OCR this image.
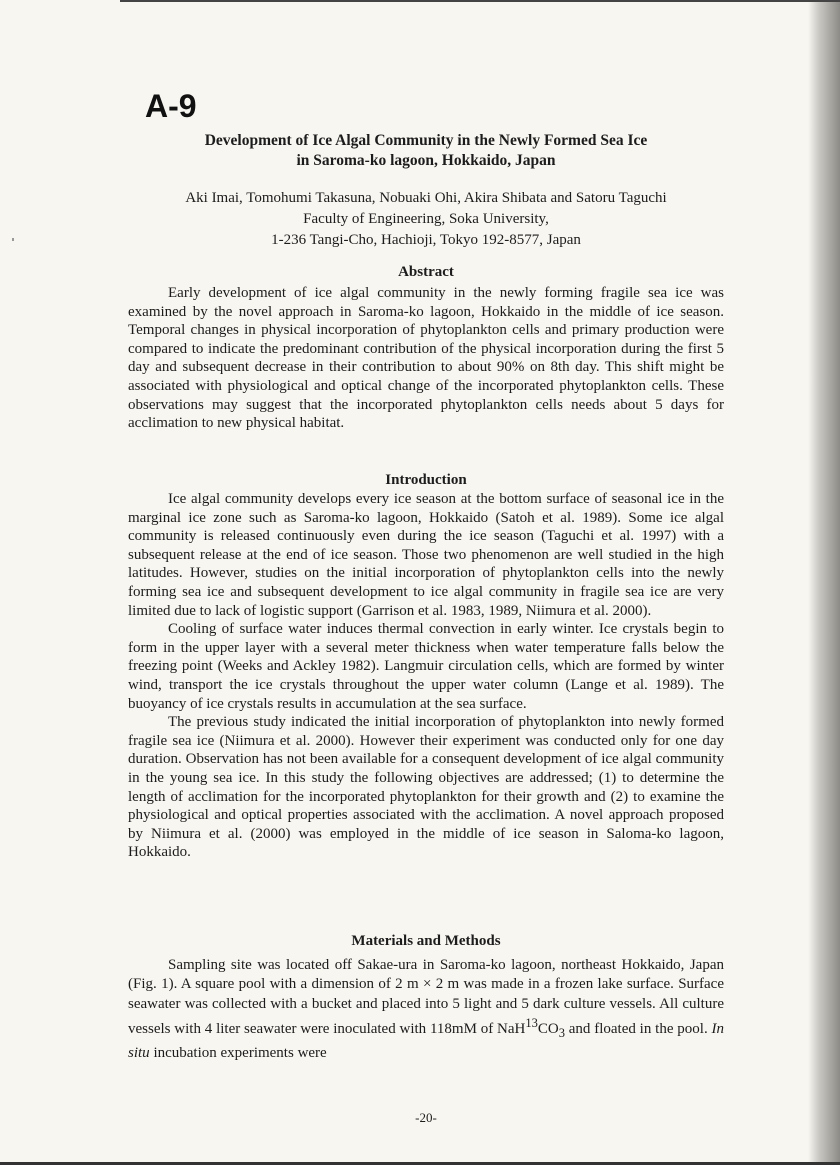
A-9
Development of Ice Algal Community in the Newly Formed Sea Ice
in Saroma-ko lagoon, Hokkaido, Japan
Aki Imai, Tomohumi Takasuna, Nobuaki Ohi, Akira Shibata and Satoru Taguchi
Faculty of Engineering, Soka University,
1-236 Tangi-Cho, Hachioji, Tokyo 192-8577, Japan
Abstract

Early development of ice algal community in the newly forming fragile sea ice was examined by the novel approach in Saroma-ko lagoon, Hokkaido in the middle of ice season. Temporal changes in physical incorporation of phytoplankton cells and primary production were compared to indicate the predominant contribution of the physical incorporation during the first 5 day and subsequent decrease in their contribution to about 90% on 8th day. This shift might be associated with physiological and optical change of the incorporated phytoplankton cells. These observations may suggest that the incorporated phytoplankton cells needs about 5 days for acclimation to new physical habitat.

Introduction

Ice algal community develops every ice season at the bottom surface of seasonal ice in the marginal ice zone such as Saroma-ko lagoon, Hokkaido (Satoh et al. 1989). Some ice algal community is released continuously even during the ice season (Taguchi et al. 1997) with a subsequent release at the end of ice season. Those two phenomenon are well studied in the high latitudes. However, studies on the initial incorporation of phytoplankton cells into the newly forming sea ice and subsequent development to ice algal community in fragile sea ice are very limited due to lack of logistic support (Garrison et al. 1983, 1989, Niimura et al. 2000).

Cooling of surface water induces thermal convection in early winter. Ice crystals begin to form in the upper layer with a several meter thickness when water temperature falls below the freezing point (Weeks and Ackley 1982). Langmuir circulation cells, which are formed by winter wind, transport the ice crystals throughout the upper water column (Lange et al. 1989). The buoyancy of ice crystals results in accumulation at the sea surface.

The previous study indicated the initial incorporation of phytoplankton into newly formed fragile sea ice (Niimura et al. 2000). However their experiment was conducted only for one day duration. Observation has not been available for a consequent development of ice algal community in the young sea ice. In this study the following objectives are addressed; (1) to determine the length of acclimation for the incorporated phytoplankton for their growth and (2) to examine the physiological and optical properties associated with the acclimation. A novel approach proposed by Niimura et al. (2000) was employed in the middle of ice season in Saloma-ko lagoon, Hokkaido.

Materials and Methods

Sampling site was located off Sakae-ura in Saroma-ko lagoon, northeast Hokkaido, Japan (Fig. 1). A square pool with a dimension of 2 m × 2 m was made in a frozen lake surface. Surface seawater was collected with a bucket and placed into 5 light and 5 dark culture vessels. All culture vessels with 4 liter seawater were inoculated with 118mM of $NaH^{13}CO_3$ and floated in the pool. In situ incubation experiments were

-20-
